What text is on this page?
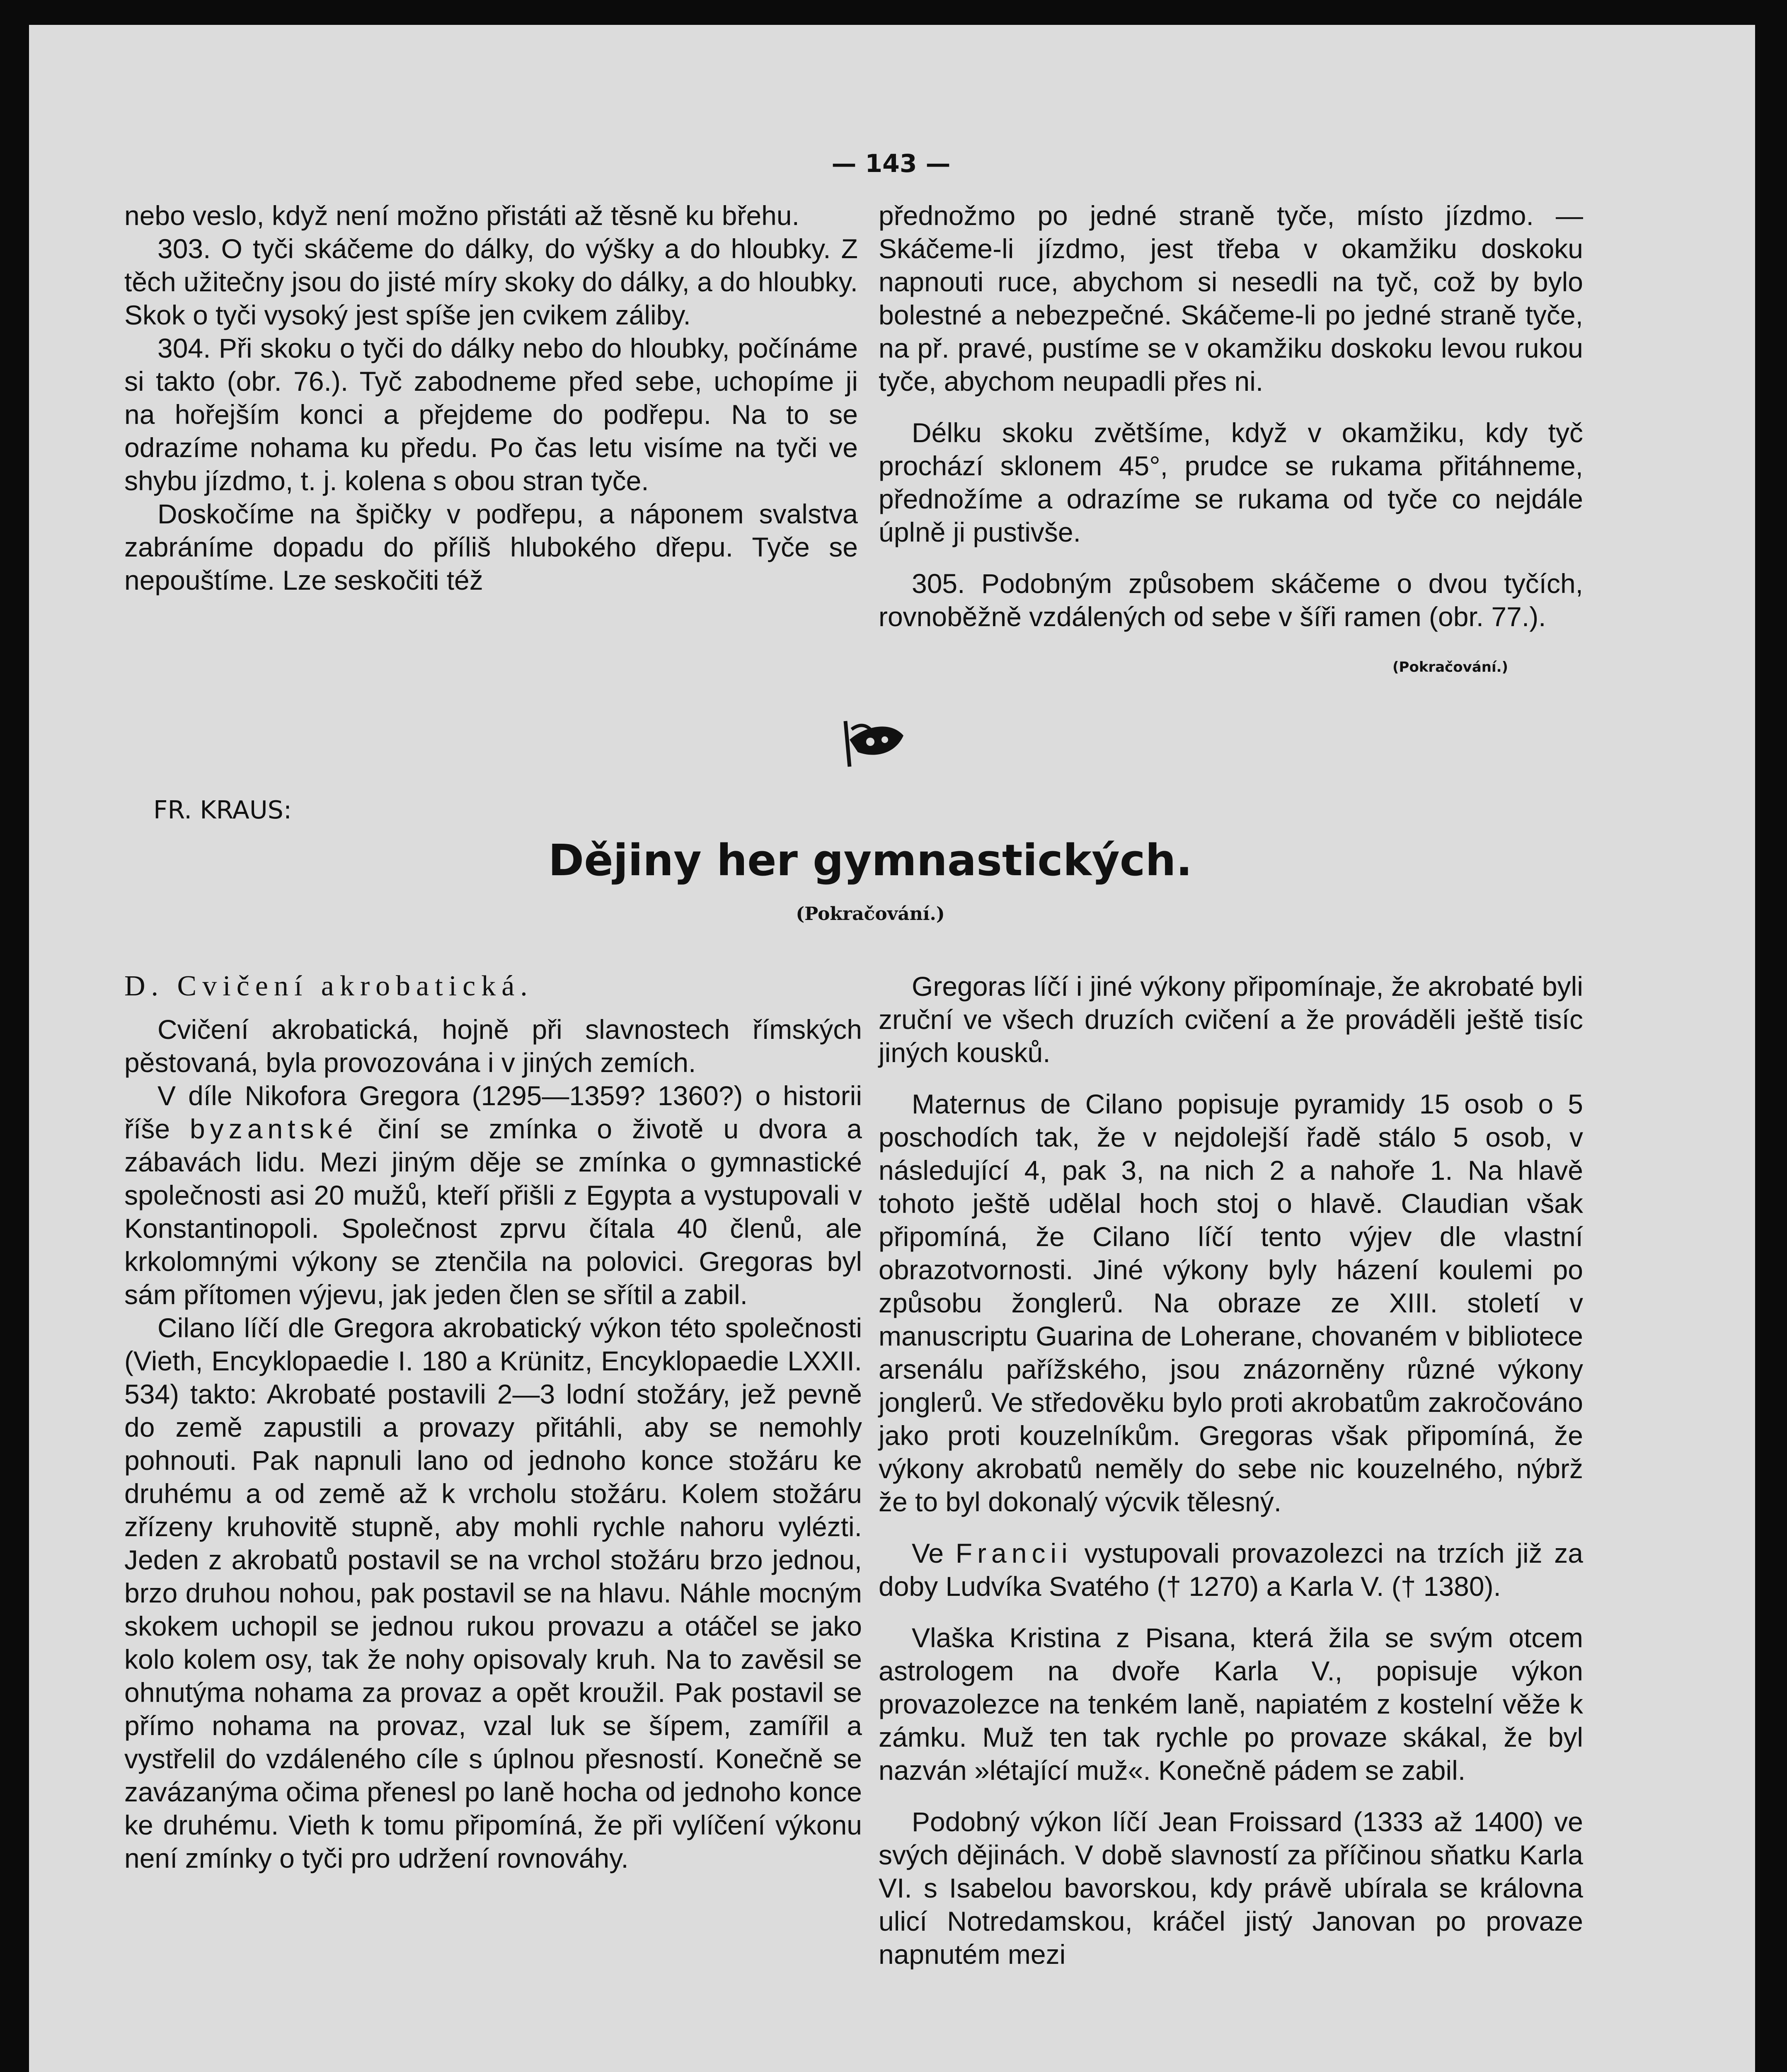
— 143 —

nebo veslo, když není možno přistáti až těsně ku břehu.

303. O tyči skáčeme do dálky, do výšky a do hloubky. Z těch užitečny jsou do jisté míry skoky do dálky, a do hloubky. Skok o tyči vysoký jest spíše jen cvikem záliby.

304. Při skoku o tyči do dálky nebo do hloubky, počínáme si takto (obr. 76.). Tyč zabodneme před sebe, uchopíme ji na hořejším konci a přejdeme do podřepu. Na to se odrazíme nohama ku předu. Po čas letu visíme na tyči ve shybu jízdmo, t. j. kolena s obou stran tyče.

Doskočíme na špičky v podřepu, a náponem svalstva zabráníme dopadu do příliš hlubokého dřepu. Tyče se nepouštíme. Lze seskočiti též

přednožmo po jedné straně tyče, místo jízdmo. — Skáčeme-li jízdmo, jest třeba v okamžiku doskoku napnouti ruce, abychom si nesedli na tyč, což by bylo bolestné a nebezpečné. Skáčeme-li po jedné straně tyče, na př. pravé, pustíme se v okamžiku doskoku levou rukou tyče, abychom neupadli přes ni.

Délku skoku zvětšíme, když v okamžiku, kdy tyč prochází sklonem 45°, prudce se rukama přitáhneme, přednožíme a odrazíme se rukama od tyče co nejdále úplně ji pustivše.

305. Podobným způsobem skáčeme o dvou tyčích, rovnoběžně vzdálených od sebe v šíři ramen (obr. 77.).

(Pokračování.)
FR. KRAUS:
Dějiny her gymnastických.
(Pokračování.)

D. Cvičení akrobatická.

Cvičení akrobatická, hojně při slavnostech římských pěstovaná, byla provozována i v jiných zemích.

V díle Nikofora Gregora (1295—1359? 1360?) o historii říše byzantské činí se zmínka o životě u dvora a zábavách lidu. Mezi jiným děje se zmínka o gymnastické společnosti asi 20 mužů, kteří přišli z Egypta a vystupovali v Konstantinopoli. Společnost zprvu čítala 40 členů, ale krkolomnými výkony se ztenčila na polovici. Gregoras byl sám přítomen výjevu, jak jeden člen se sřítil a zabil.

Cilano líčí dle Gregora akrobatický výkon této společnosti (Vieth, Encyklopaedie I. 180 a Krünitz, Encyklopaedie LXXII. 534) takto: Akrobaté postavili 2—3 lodní stožáry, jež pevně do země zapustili a provazy přitáhli, aby se nemohly pohnouti. Pak napnuli lano od jednoho konce stožáru ke druhému a od země až k vrcholu stožáru. Kolem stožáru zřízeny kruhovitě stupně, aby mohli rychle nahoru vylézti. Jeden z akrobatů postavil se na vrchol stožáru brzo jednou, brzo druhou nohou, pak postavil se na hlavu. Náhle mocným skokem uchopil se jednou rukou provazu a otáčel se jako kolo kolem osy, tak že nohy opisovaly kruh. Na to zavěsil se ohnutýma nohama za provaz a opět kroužil. Pak postavil se přímo nohama na provaz, vzal luk se šípem, zamířil a vystřelil do vzdáleného cíle s úplnou přesností. Konečně se zavázanýma očima přenesl po laně hocha od jednoho konce ke druhému. Vieth k tomu připomíná, že při vylíčení výkonu není zmínky o tyči pro udržení rovnováhy.

Gregoras líčí i jiné výkony připomínaje, že akrobaté byli zruční ve všech druzích cvičení a že prováděli ještě tisíc jiných kousků.

Maternus de Cilano popisuje pyramidy 15 osob o 5 poschodích tak, že v nejdolejší řadě stálo 5 osob, v následující 4, pak 3, na nich 2 a nahoře 1. Na hlavě tohoto ještě udělal hoch stoj o hlavě. Claudian však připomíná, že Cilano líčí tento výjev dle vlastní obrazotvornosti. Jiné výkony byly házení koulemi po způsobu žonglerů. Na obraze ze XIII. století v manuscriptu Guarina de Loherane, chovaném v bibliotece arsenálu pařížského, jsou znázorněny různé výkony jonglerů. Ve středověku bylo proti akrobatům zakročováno jako proti kouzelníkům. Gregoras však připomíná, že výkony akrobatů neměly do sebe nic kouzelného, nýbrž že to byl dokonalý výcvik tělesný.

Ve Francii vystupovali provazolezci na trzích již za doby Ludvíka Svatého († 1270) a Karla V. († 1380).

Vlaška Kristina z Pisana, která žila se svým otcem astrologem na dvoře Karla V., popisuje výkon provazolezce na tenkém laně, napiatém z kostelní věže k zámku. Muž ten tak rychle po provaze skákal, že byl nazván »létající muž«. Konečně pádem se zabil.

Podobný výkon líčí Jean Froissard (1333 až 1400) ve svých dějinách. V době slavností za příčinou sňatku Karla VI. s Isabelou bavorskou, kdy právě ubírala se královna ulicí Notredamskou, kráčel jistý Janovan po provaze napnutém mezi
